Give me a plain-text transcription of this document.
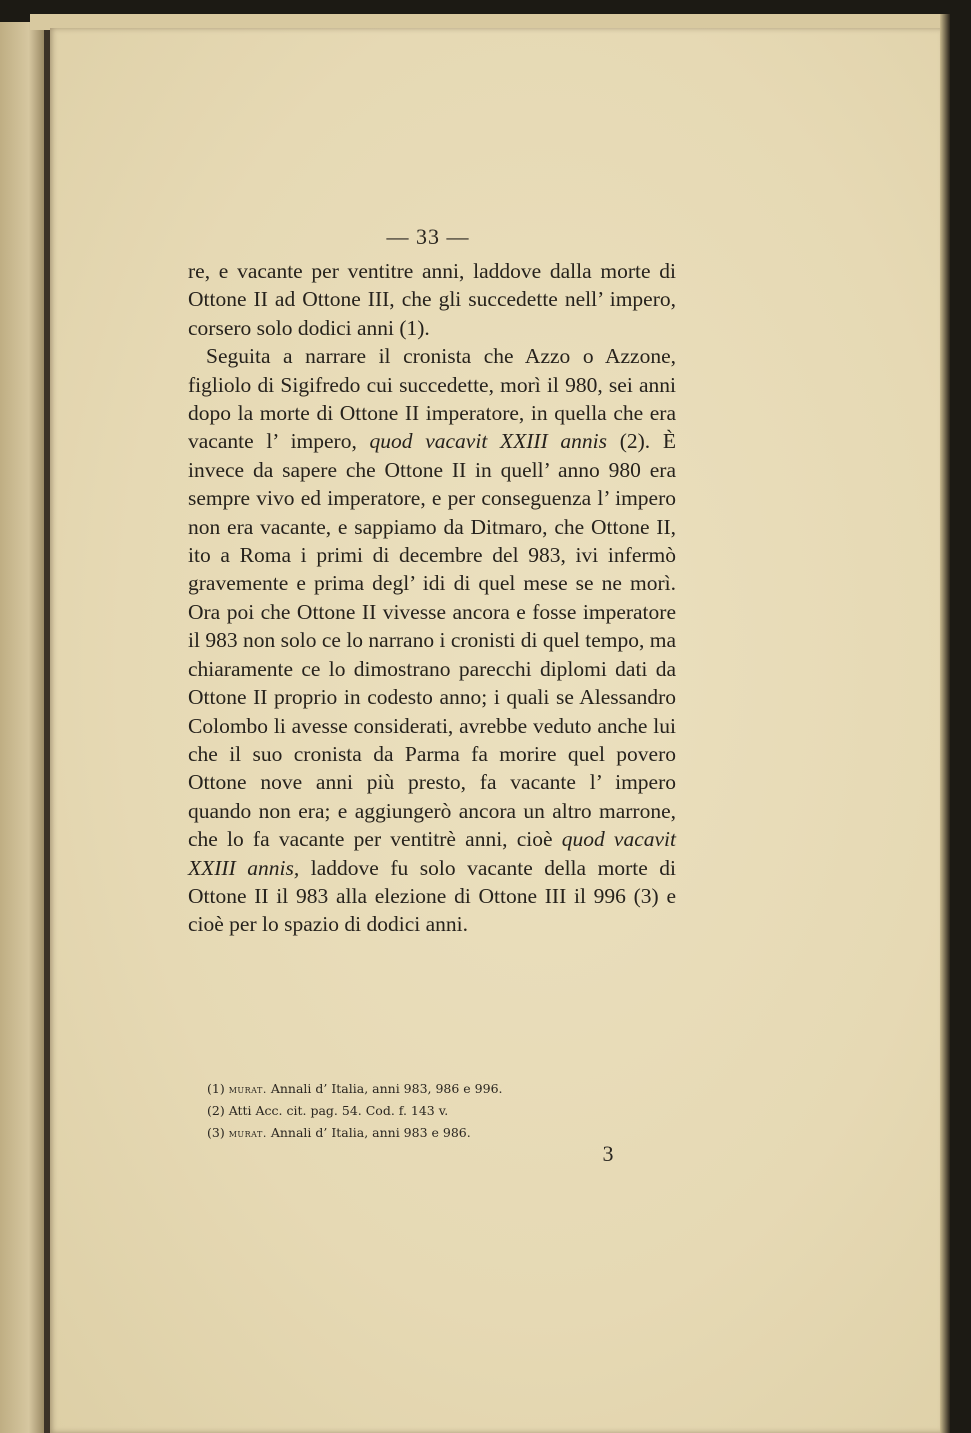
— 33 —

re, e vacante per ventitre anni, laddove dalla morte di Ottone II ad Ottone III, che gli succedette nell’ impero, corsero solo dodici anni (1).

Seguita a narrare il cronista che Azzo o Azzone, figliolo di Sigifredo cui succedette, morì il 980, sei anni dopo la morte di Ottone II imperatore, in quella che era vacante l’ impero, quod vacavit XXIII annis (2). È invece da sapere che Ottone II in quell’ anno 980 era sempre vivo ed imperatore, e per conseguenza l’ impero non era vacante, e sappiamo da Ditmaro, che Ottone II, ito a Roma i primi di decembre del 983, ivi infermò gravemente e prima degl’ idi di quel mese se ne morì. Ora poi che Ottone II vivesse ancora e fosse imperatore il 983 non solo ce lo narrano i cronisti di quel tempo, ma chiaramente ce lo dimostrano parecchi diplomi dati da Ottone II proprio in codesto anno; i quali se Alessandro Colombo li avesse considerati, avrebbe veduto anche lui che il suo cronista da Parma fa morire quel povero Ottone nove anni più presto, fa vacante l’ impero quando non era; e aggiungerò ancora un altro marrone, che lo fa vacante per ventitrè anni, cioè quod vacavit XXIII annis, laddove fu solo vacante della morte di Ottone II il 983 alla elezione di Ottone III il 996 (3) e cioè per lo spazio di dodici anni.

(1) murat. Annali d’ Italia, anni 983, 986 e 996.
(2) Atti Acc. cit. pag. 54. Cod. f. 143 v.
(3) murat. Annali d’ Italia, anni 983 e 986.
3
